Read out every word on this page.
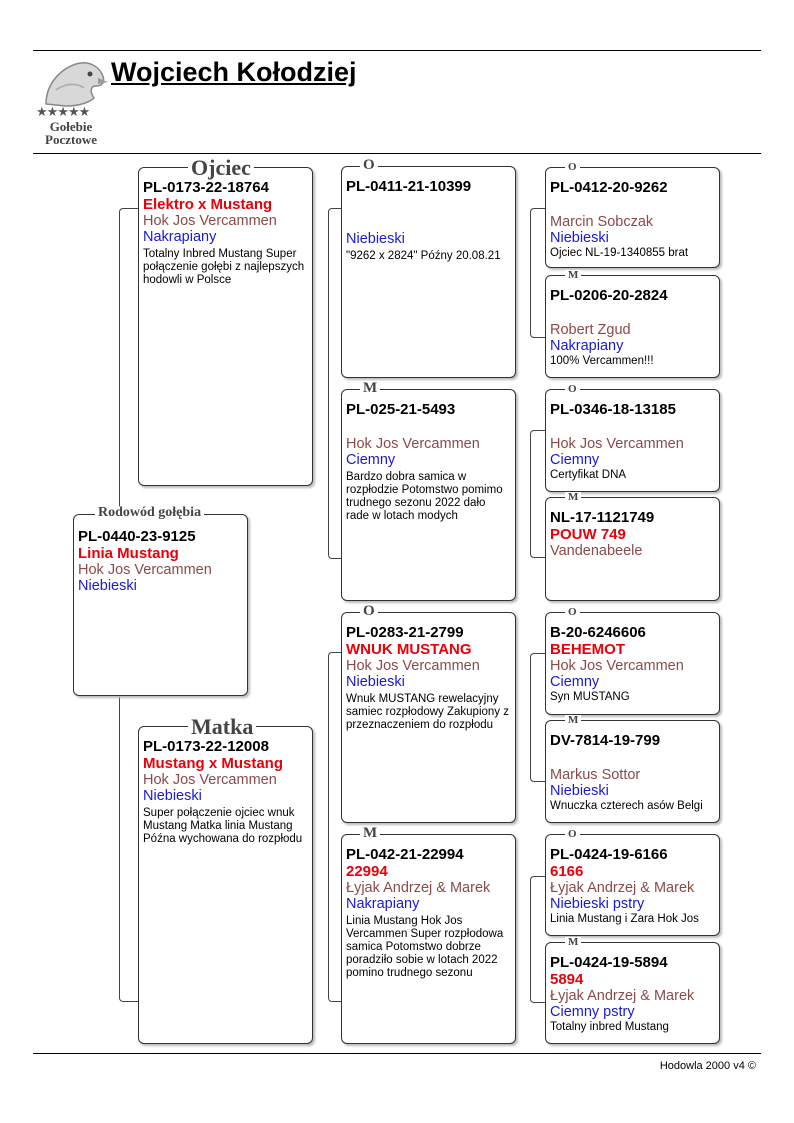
★★★★★
Gołebie
Pocztowe
Wojciech Kołodziej
PL-0440-23-9125
Linia Mustang
Hok Jos Vercammen
Niebieski
Rodowód gołębia
PL-0173-22-18764
Elektro x Mustang
Hok Jos Vercammen
Nakrapiany
Totalny Inbred Mustang Super połączenie gołębi z najlepszych hodowli w Polsce
Ojciec
PL-0173-22-12008
Mustang x Mustang
Hok Jos Vercammen
Niebieski
Super połączenie ojciec wnuk Mustang Matka linia Mustang Późna wychowana do rozpłodu
Matka
PL-0411-21-10399
Niebieski
"9262 x 2824" Późny 20.08.21
O
PL-025-21-5493
Hok Jos Vercammen
Ciemny
Bardzo dobra samica w rozpłodzie Potomstwo pomimo trudnego sezonu 2022 dało rade w lotach modych
M
PL-0283-21-2799
WNUK MUSTANG
Hok Jos Vercammen
Niebieski
Wnuk MUSTANG rewelacyjny samiec rozpłodowy Zakupiony z przeznaczeniem do rozpłodu
O
PL-042-21-22994
22994
Łyjak Andrzej & Marek
Nakrapiany
Linia Mustang Hok Jos Vercammen Super rozpłodowa samica Potomstwo dobrze poradziło sobie w lotach 2022 pomino trudnego sezonu
M
PL-0412-20-9262
Marcin Sobczak
Niebieski
Ojciec NL-19-1340855 brat
O
PL-0206-20-2824
Robert Zgud
Nakrapiany
100% Vercammen!!!
M
PL-0346-18-13185
Hok Jos Vercammen
Ciemny
Certyfikat DNA
O
NL-17-1121749
POUW 749
Vandenabeele
M
B-20-6246606
BEHEMOT
Hok Jos Vercammen
Ciemny
Syn MUSTANG
O
DV-7814-19-799
Markus Sottor
Niebieski
Wnuczka czterech asów Belgi
M
PL-0424-19-6166
6166
Łyjak Andrzej & Marek
Niebieski pstry
Linia Mustang i Zara Hok Jos
O
PL-0424-19-5894
5894
Łyjak Andrzej & Marek
Ciemny pstry
Totalny inbred Mustang
M
Hodowla 2000 v4 ©
